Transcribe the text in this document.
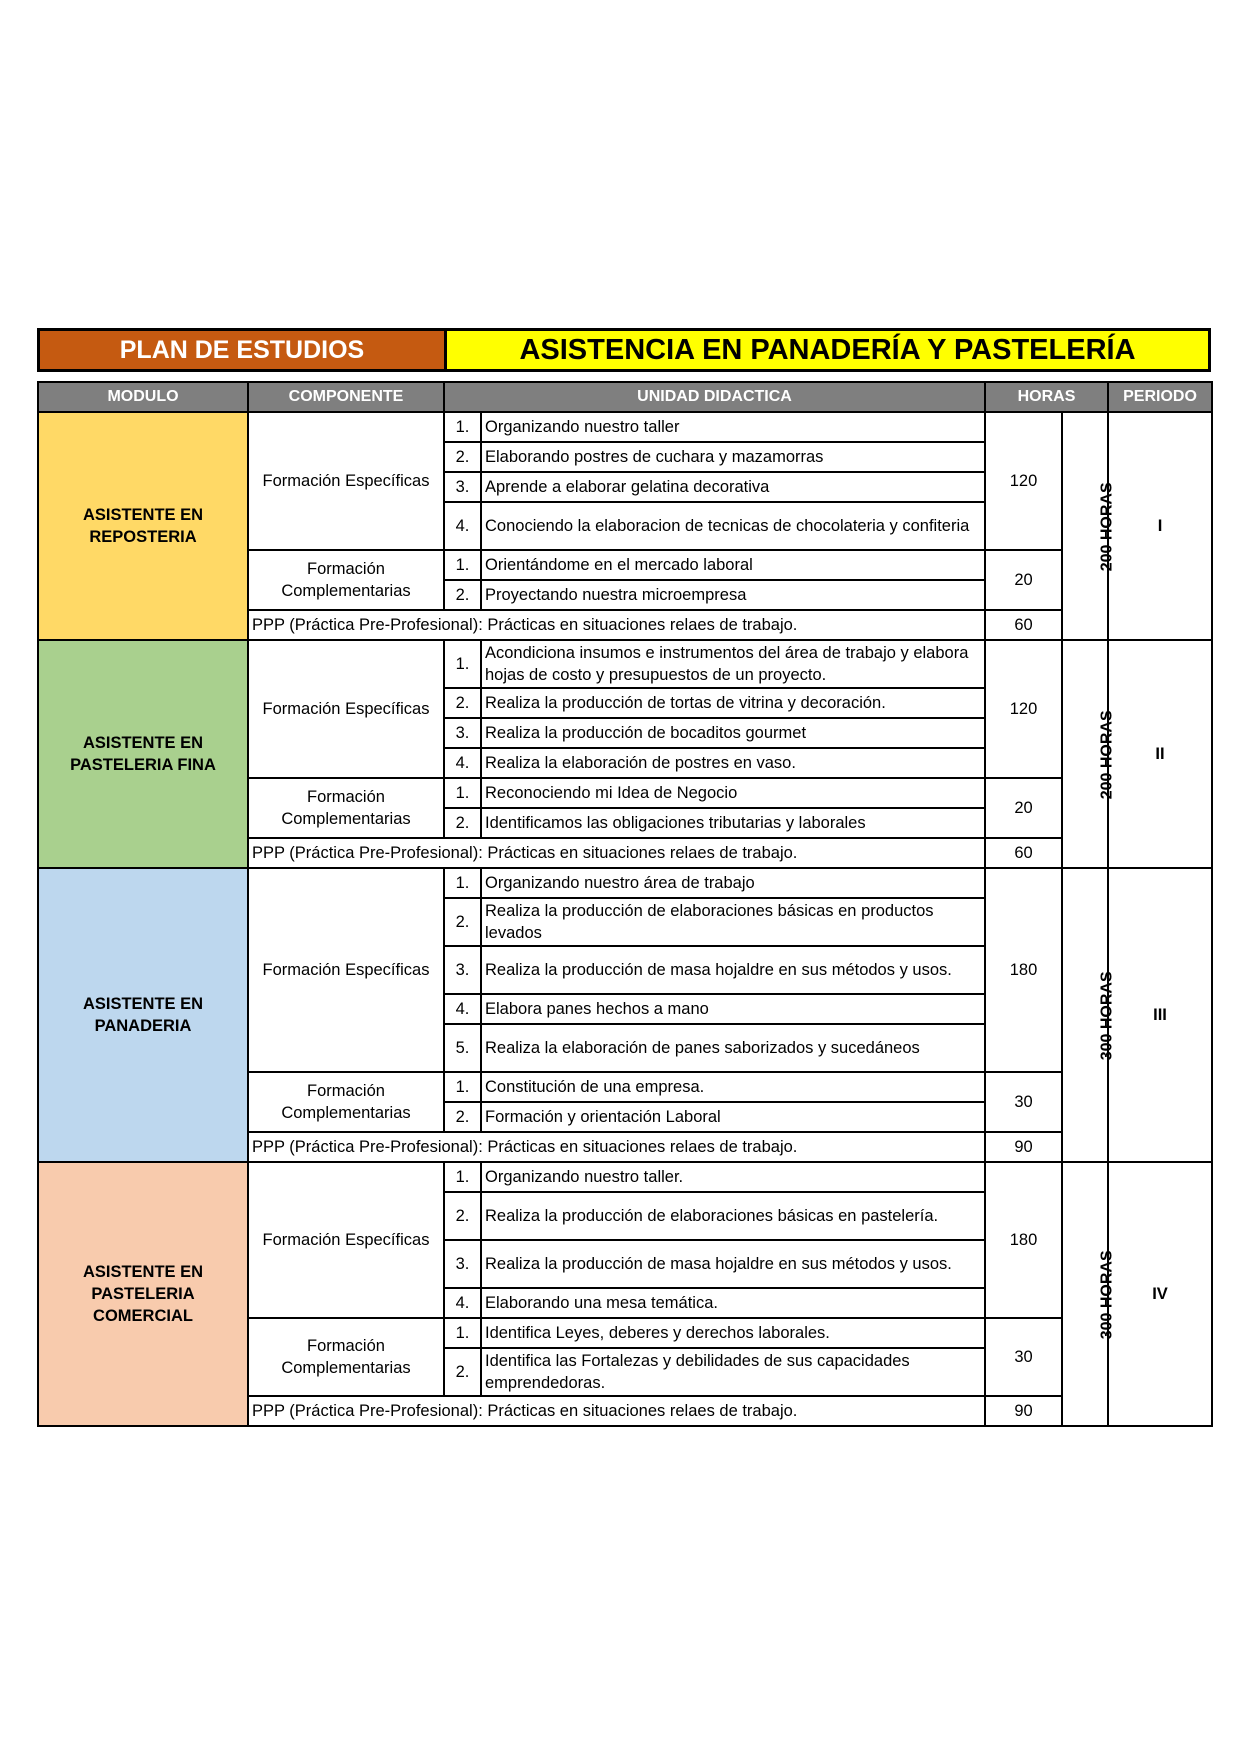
PLAN DE ESTUDIOS	ASISTENCIA EN PANADERÍA Y PASTELERÍA
MODULO	COMPONENTE	UNIDAD DIDACTICA		HORAS		PERIODO
ASISTENTE EN REPOSTERIA	Formación Específicas	1.	Organizando nuestro taller	120	200 HORAS	I
		2.	Elaborando postres de cuchara y mazamorras			
		3.	Aprende a elaborar gelatina decorativa			
		4.	Conociendo la elaboracion de tecnicas de chocolateria y confiteria			
	Formación Complementarias	1.	Orientándome en el mercado laboral	20		
		2.	Proyectando nuestra microempresa			
	PPP (Práctica Pre-Profesional): Prácticas en situaciones relaes de trabajo.			60		
ASISTENTE EN PASTELERIA FINA	Formación Específicas	1.	Acondiciona insumos e instrumentos del área de trabajo y elabora hojas de costo y presupuestos de un proyecto.	120	200 HORAS	II
		2.	Realiza la producción de tortas de vitrina y decoración.			
		3.	Realiza la producción de bocaditos gourmet			
		4.	Realiza la elaboración de postres en vaso.			
	Formación Complementarias	1.	Reconociendo mi Idea de Negocio	20		
		2.	Identificamos las obligaciones tributarias y laborales			
	PPP (Práctica Pre-Profesional): Prácticas en situaciones relaes de trabajo.			60		
ASISTENTE EN PANADERIA	Formación Específicas	1.	Organizando nuestro área de trabajo	180	300 HORAS	III
		2.	Realiza la producción de elaboraciones básicas en productos levados			
		3.	Realiza la producción de masa hojaldre en sus métodos y usos.			
		4.	Elabora panes hechos a mano			
		5.	Realiza la elaboración de panes saborizados y sucedáneos			
	Formación Complementarias	1.	Constitución de una empresa.	30		
		2.	Formación y orientación Laboral			
	PPP (Práctica Pre-Profesional): Prácticas en situaciones relaes de trabajo.			90		
ASISTENTE EN PASTELERIA COMERCIAL	Formación Específicas	1.	Organizando nuestro taller.	180	300 HORAS	IV
		2.	Realiza la producción de elaboraciones básicas en pastelería.			
		3.	Realiza la producción de masa hojaldre en sus métodos y usos.			
		4.	Elaborando una mesa temática.			
	Formación Complementarias	1.	Identifica Leyes, deberes y derechos laborales.	30		
		2.	Identifica las Fortalezas y debilidades de sus capacidades emprendedoras.			
	PPP (Práctica Pre-Profesional): Prácticas en situaciones relaes de trabajo.			90		
